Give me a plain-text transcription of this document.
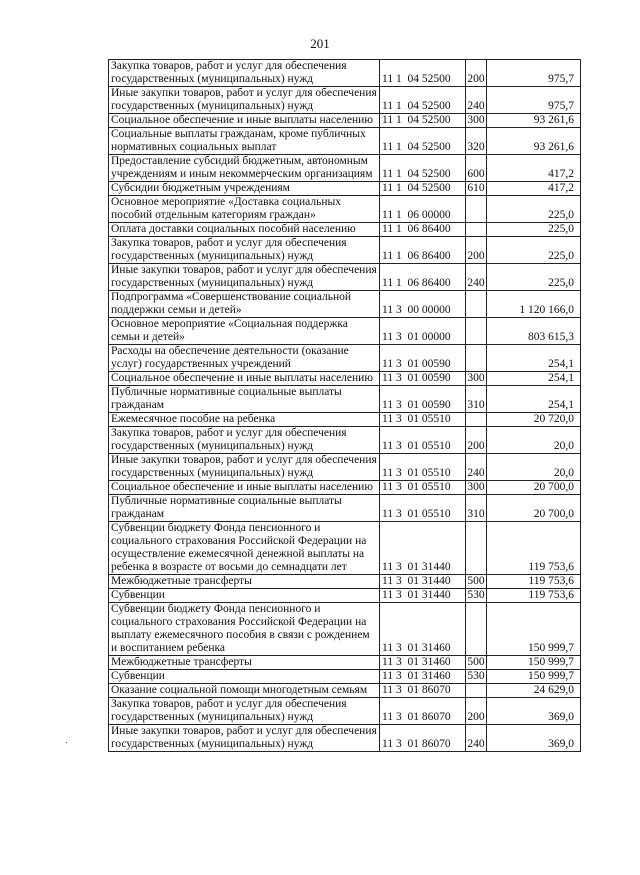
201
Закупка товаров, работ и услуг для обеспечения государственных (муниципальных) нужд	11 1  04 52500	200	975,7
Иные закупки товаров, работ и услуг для обеспечения государственных (муниципальных) нужд	11 1  04 52500	240	975,7
Социальное обеспечение и иные выплаты населению	11 1  04 52500	300	93 261,6
Социальные выплаты гражданам, кроме публичных нормативных социальных выплат	11 1  04 52500	320	93 261,6
Предоставление субсидий бюджетным, автономным учреждениям и иным некоммерческим организациям	11 1  04 52500	600	417,2
Субсидии бюджетным учреждениям	11 1  04 52500	610	417,2
Основное мероприятие «Доставка социальных пособий отдельным категориям граждан»	11 1  06 00000		225,0
Оплата доставки социальных пособий населению	11 1  06 86400		225,0
Закупка товаров, работ и услуг для обеспечения государственных (муниципальных) нужд	11 1  06 86400	200	225,0
Иные закупки товаров, работ и услуг для обеспечения государственных (муниципальных) нужд	11 1  06 86400	240	225,0
Подпрограмма «Совершенствование социальной поддержки семьи и детей»	11 3  00 00000		1 120 166,0
Основное мероприятие «Социальная поддержка семьи и детей»	11 3  01 00000		803 615,3
Расходы на обеспечение деятельности (оказание услуг) государственных учреждений	11 3  01 00590		254,1
Социальное обеспечение и иные выплаты населению	11 3  01 00590	300	254,1
Публичные нормативные социальные выплаты гражданам	11 3  01 00590	310	254,1
Ежемесячное пособие на ребенка	11 3  01 05510		20 720,0
Закупка товаров, работ и услуг для обеспечения государственных (муниципальных) нужд	11 3  01 05510	200	20,0
Иные закупки товаров, работ и услуг для обеспечения государственных (муниципальных) нужд	11 3  01 05510	240	20,0
Социальное обеспечение и иные выплаты населению	11 3  01 05510	300	20 700,0
Публичные нормативные социальные выплаты гражданам	11 3  01 05510	310	20 700,0
Субвенции бюджету Фонда пенсионного и социального страхования Российской Федерации на осуществление ежемесячной денежной выплаты на ребенка в возрасте от восьми до семнадцати лет	11 3  01 31440		119 753,6
Межбюджетные трансферты	11 3  01 31440	500	119 753,6
Субвенции	11 3  01 31440	530	119 753,6
Субвенции бюджету Фонда пенсионного и социального страхования Российской Федерации на выплату ежемесячного пособия в связи с рождением и воспитанием ребенка	11 3  01 31460		150 999,7
Межбюджетные трансферты	11 3  01 31460	500	150 999,7
Субвенции	11 3  01 31460	530	150 999,7
Оказание социальной помощи многодетным семьям	11 3  01 86070		24 629,0
Закупка товаров, работ и услуг для обеспечения государственных (муниципальных) нужд	11 3  01 86070	200	369,0
Иные закупки товаров, работ и услуг для обеспечения государственных (муниципальных) нужд	11 3  01 86070	240	369,0
